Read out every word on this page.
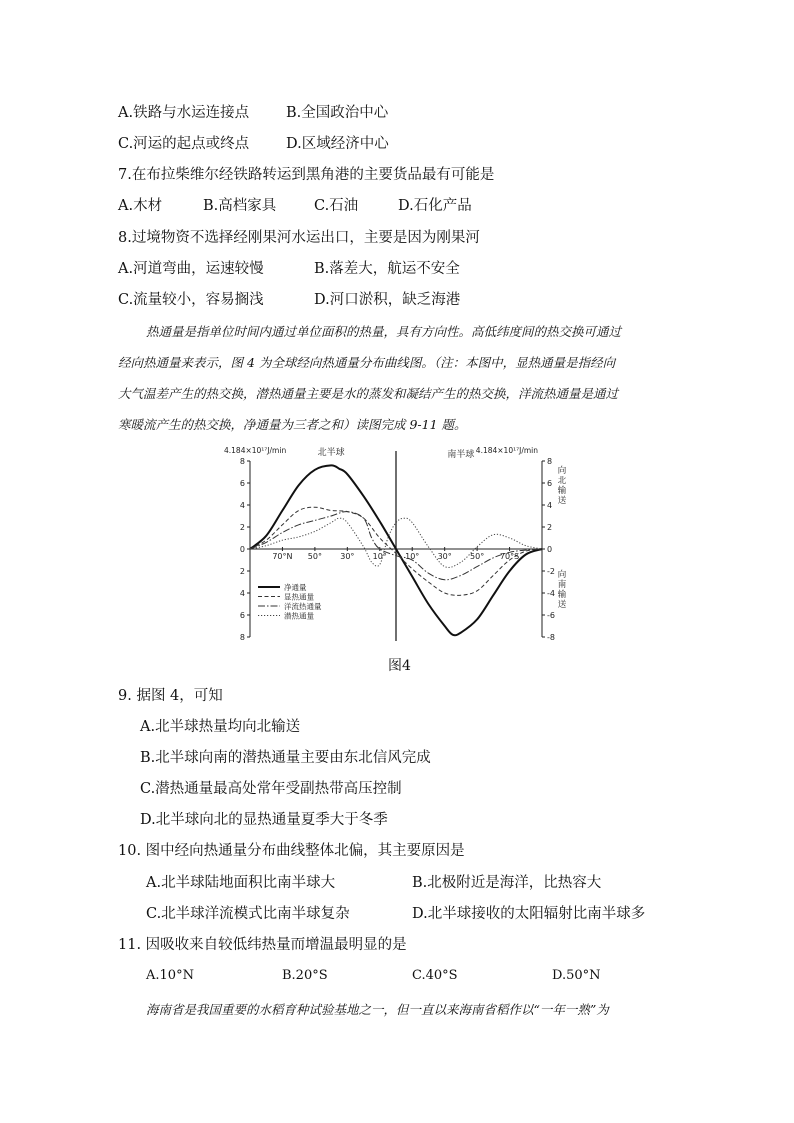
A.铁路与水运连接点	B.全国政治中心
C.河运的起点或终点	D.区域经济中心
7.在布拉柴维尔经铁路转运到黑角港的主要货品最有可能是
A.木材	B.高档家具	C.石油	D.石化产品
8.过境物资不选择经刚果河水运出口，主要是因为刚果河
A.河道弯曲，运速较慢	B.落差大，航运不安全
C.流量较小，容易搁浅	D.河口淤积，缺乏海港

热通量是指单位时间内通过单位面积的热量，具有方向性。高低纬度间的热交换可通过

经向热通量来表示，图 4 为全球经向热通量分布曲线图。（注：本图中，显热通量是指经向

大气温差产生的热交换，潜热通量主要是水的蒸发和凝结产生的热交换，洋流热通量是通过

寒暖流产生的热交换，净通量为三者之和）读图完成 9-11 题。

净通量
显热通量
洋流热通量
潜热通量
8	8
6	6
4	4
2	2
0	0
2	-2
4	-4
6	-6
8	-8
70°N 50° 30° 10° 10° 30° 50° 70°S
4.184×10¹⁷J/min	4.184×10¹⁷J/min
北半球	南半球
向
北
输
送
向
南
输
送
图4
9. 据图 4，可知
A.北半球热量均向北输送
B.北半球向南的潜热通量主要由东北信风完成
C.潜热通量最高处常年受副热带高压控制
D.北半球向北的显热通量夏季大于冬季
10. 图中经向热通量分布曲线整体北偏，其主要原因是
A.北半球陆地面积比南半球大	B.北极附近是海洋，比热容大
C.北半球洋流模式比南半球复杂	D.北半球接收的太阳辐射比南半球多
11. 因吸收来自较低纬热量而增温最明显的是
A.10°N	B.20°S	C.40°S	D.50°N
海南省是我国重要的水稻育种试验基地之一，但一直以来海南省稻作以“一年一熟”为
